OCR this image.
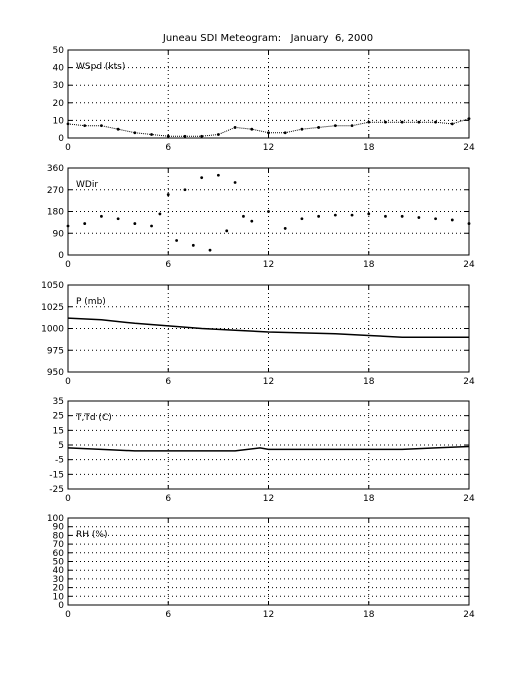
Juneau SDI Meteogram:   January  6, 2000
0
10
20
30
40
50
0	6	12	18	24
WSpd (kts)
0
90
180
270
360
0	6	12	18	24
WDir
950
975
1000
1025
1050
0	6	12	18	24
P (mb)
-25
-15
-5
5
15
25
35
0	6	12	18	24
T,Td (C)
0
10
20
30
40
50
60
70
80
90
100
0	6	12	18	24
RH (%)
